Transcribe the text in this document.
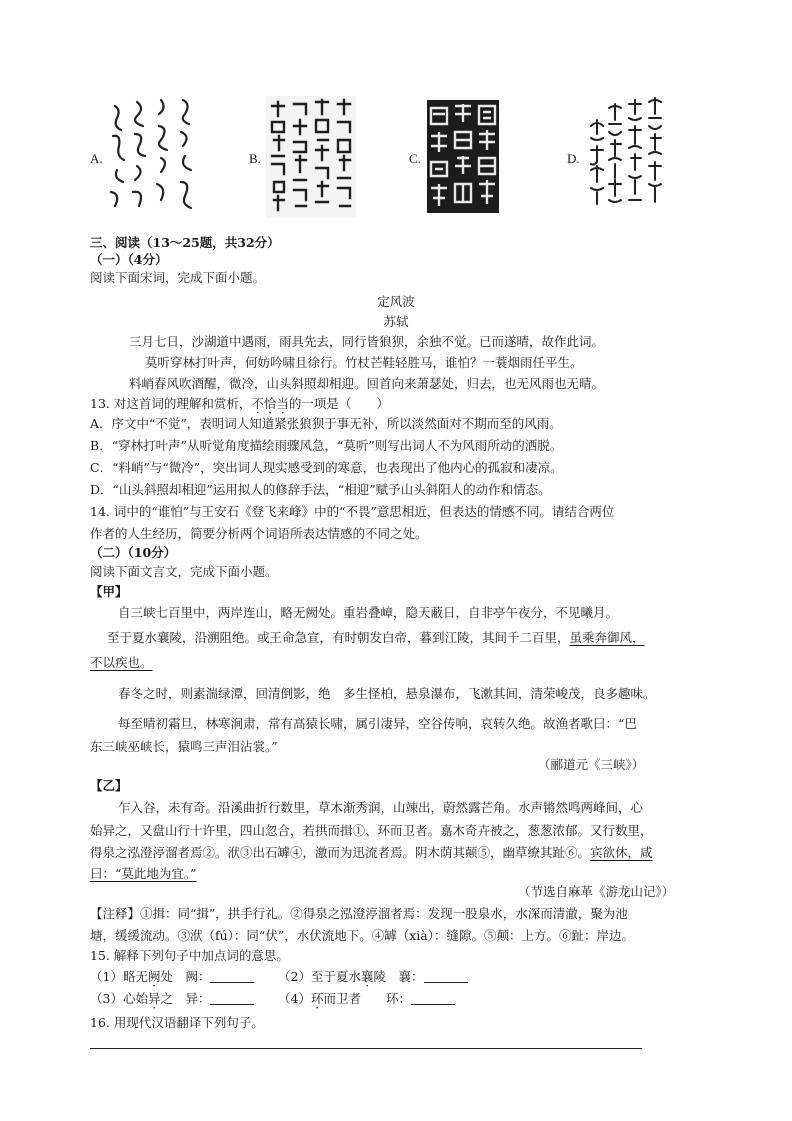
A.	B.	C.	D.
三、阅读（13～25题，共32分）
（一）（4分）
阅读下面宋词，完成下面小题。
定风波
苏轼
三月七日，沙湖道中遇雨，雨具先去，同行皆狼狈，余独不觉。已而遂晴，故作此词。
莫听穿林打叶声，何妨吟啸且徐行。竹杖芒鞋轻胜马，谁怕？一蓑烟雨任平生。
料峭春风吹酒醒，微冷，山头斜照却相迎。回首向来萧瑟处，归去，也无风雨也无晴。
13. 对这首词的理解和赏析，不恰当的一项是（　　）
A．序文中“不觉”，表明词人知道紧张狼狈于事无补，所以淡然面对不期而至的风雨。
B．“穿林打叶声”从听觉角度描绘雨骤风急，“莫听”则写出词人不为风雨所动的洒脱。
C．“料峭”与“微冷”，突出词人现实感受到的寒意，也表现出了他内心的孤寂和凄凉。
D．“山头斜照却相迎”运用拟人的修辞手法，“相迎”赋予山头斜阳人的动作和情态。
14. 词中的“谁怕”与王安石《登飞来峰》中的“不畏”意思相近，但表达的情感不同。请结合两位
作者的人生经历，简要分析两个词语所表达情感的不同之处。
（二）（10分）
阅读下面文言文，完成下面小题。
【甲】
自三峡七百里中，两岸连山，略无阙处。重岩叠嶂，隐天蔽日，自非亭午夜分，不见曦月。
至于夏水襄陵，沿溯阻绝。或王命急宣，有时朝发白帝，暮到江陵，其间千二百里，虽乘奔御风，
不以疾也。
春冬之时，则素湍绿潭，回清倒影，绝　多生怪柏，悬泉瀑布，飞漱其间，清荣峻茂，良多趣味。
每至晴初霜旦，林寒涧肃，常有高猿长啸，属引凄异，空谷传响，哀转久绝。故渔者歌曰：“巴
东三峡巫峡长，猿鸣三声泪沾裳。”
（郦道元《三峡》）
【乙】
乍入谷，未有奇。沿溪曲折行数里，草木渐秀润，山竦出，蔚然露芒角。水声锵然鸣两峰间，心
始异之，又盘山行十许里，四山忽合，若拱而揖①、环而卫者。嘉木奇卉被之，葱葱浓郁。又行数里，
得泉之泓澄渟溜者焉②。洑③出石罅④，激而为迅流者焉。阴木荫其颠⑤，幽草缭其趾⑥。宾欲休，咸
曰：“莫此地为宜。”
（节选自麻革《游龙山记》）
【注释】①揖：同“揖”，拱手行礼。②得泉之泓澄渟溜者焉：发现一股泉水，水深而清澈，聚为池
塘，缓缓流动。③洑（fú）：同“伏”，水伏流地下。④罅（xià）：缝隙。⑤颠：上方。⑥趾：岸边。
15. 解释下列句子中加点词的意思。
（1）略无阙处　阙：	（2）至于夏水襄陵　襄：
（3）心始异之　异：	（4）环而卫者　　环：
16. 用现代汉语翻译下列句子。
